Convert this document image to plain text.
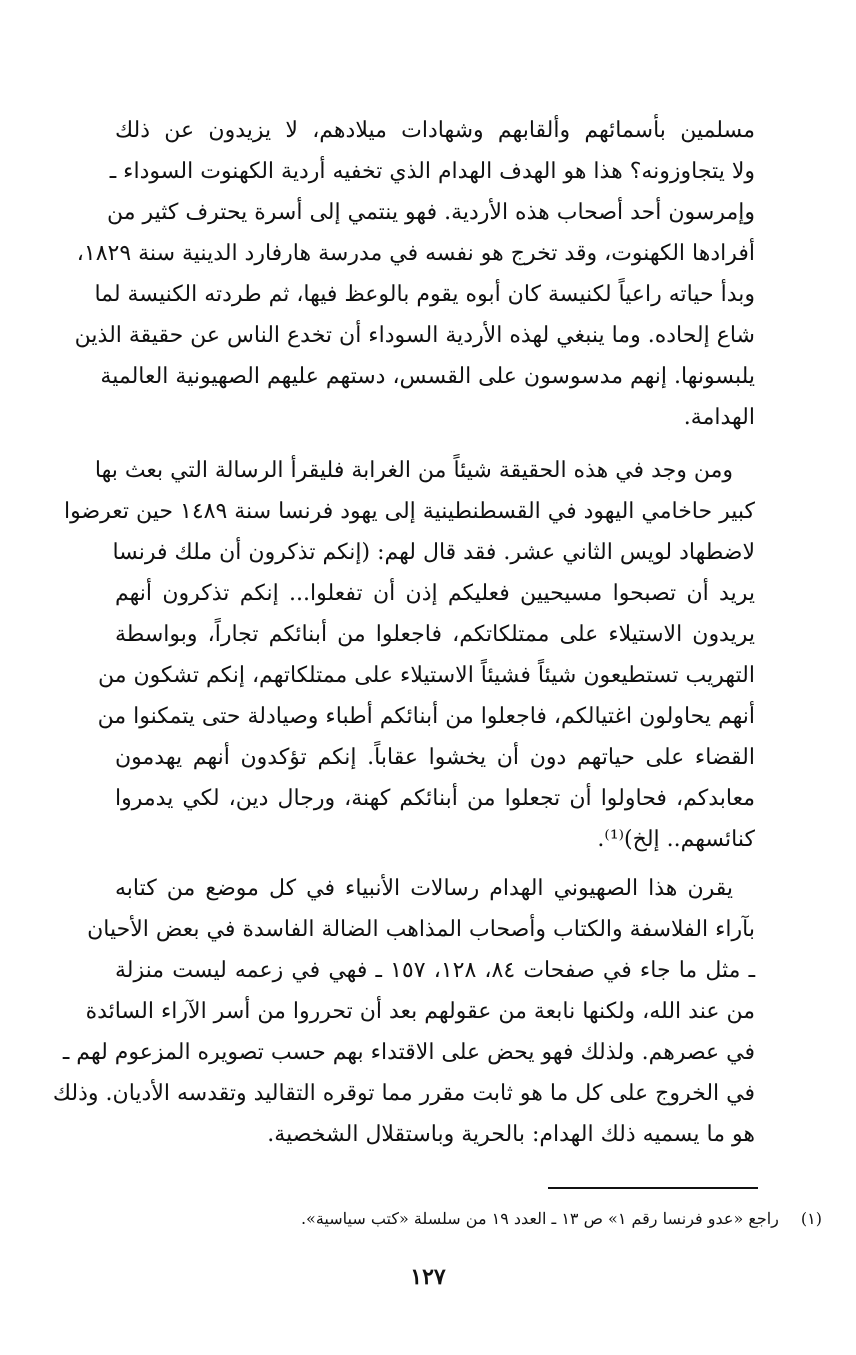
مسلمين بأسمائهم وألقابهم وشهادات ميلادهم، لا يزيدون عن ذلك
ولا يتجاوزونه؟ هذا هو الهدف الهدام الذي تخفيه أردية الكهنوت السوداء ـ
وإمرسون أحد أصحاب هذه الأردية. فهو ينتمي إلى أسرة يحترف كثير من
أفرادها الكهنوت، وقد تخرج هو نفسه في مدرسة هارفارد الدينية سنة ١٨٢٩،
وبدأ حياته راعياً لكنيسة كان أبوه يقوم بالوعظ فيها، ثم طردته الكنيسة لما
شاع إلحاده. وما ينبغي لهذه الأردية السوداء أن تخدع الناس عن حقيقة الذين
يلبسونها. إنهم مدسوسون على القسس، دستهم عليهم الصهيونية العالمية
الهدامة.
ومن وجد في هذه الحقيقة شيئاً من الغرابة فليقرأ الرسالة التي بعث بها
كبير حاخامي اليهود في القسطنطينية إلى يهود فرنسا سنة ١٤٨٩ حين تعرضوا
لاضطهاد لويس الثاني عشر. فقد قال لهم: (إنكم تذكرون أن ملك فرنسا
يريد أن تصبحوا مسيحيين فعليكم إذن أن تفعلوا... إنكم تذكرون أنهم
يريدون الاستيلاء على ممتلكاتكم، فاجعلوا من أبنائكم تجاراً، وبواسطة
التهريب تستطيعون شيئاً فشيئاً الاستيلاء على ممتلكاتهم، إنكم تشكون من
أنهم يحاولون اغتيالكم، فاجعلوا من أبنائكم أطباء وصيادلة حتى يتمكنوا من
القضاء على حياتهم دون أن يخشوا عقاباً. إنكم تؤكدون أنهم يهدمون
معابدكم، فحاولوا أن تجعلوا من أبنائكم كهنة، ورجال دين، لكي يدمروا
كنائسهم.. إلخ)⁽¹⁾.
يقرن هذا الصهيوني الهدام رسالات الأنبياء في كل موضع من كتابه
بآراء الفلاسفة والكتاب وأصحاب المذاهب الضالة الفاسدة في بعض الأحيان
ـ مثل ما جاء في صفحات ٨٤، ١٢٨، ١٥٧ ـ فهي في زعمه ليست منزلة
من عند الله، ولكنها نابعة من عقولهم بعد أن تحرروا من أسر الآراء السائدة
في عصرهم. ولذلك فهو يحض على الاقتداء بهم حسب تصويره المزعوم لهم ـ
في الخروج على كل ما هو ثابت مقرر مما توقره التقاليد وتقدسه الأديان. وذلك
هو ما يسميه ذلك الهدام: بالحرية وباستقلال الشخصية.
(١)راجع «عدو فرنسا رقم ١» ص ١٣ ـ العدد ١٩ من سلسلة «كتب سياسية».
١٢٧
